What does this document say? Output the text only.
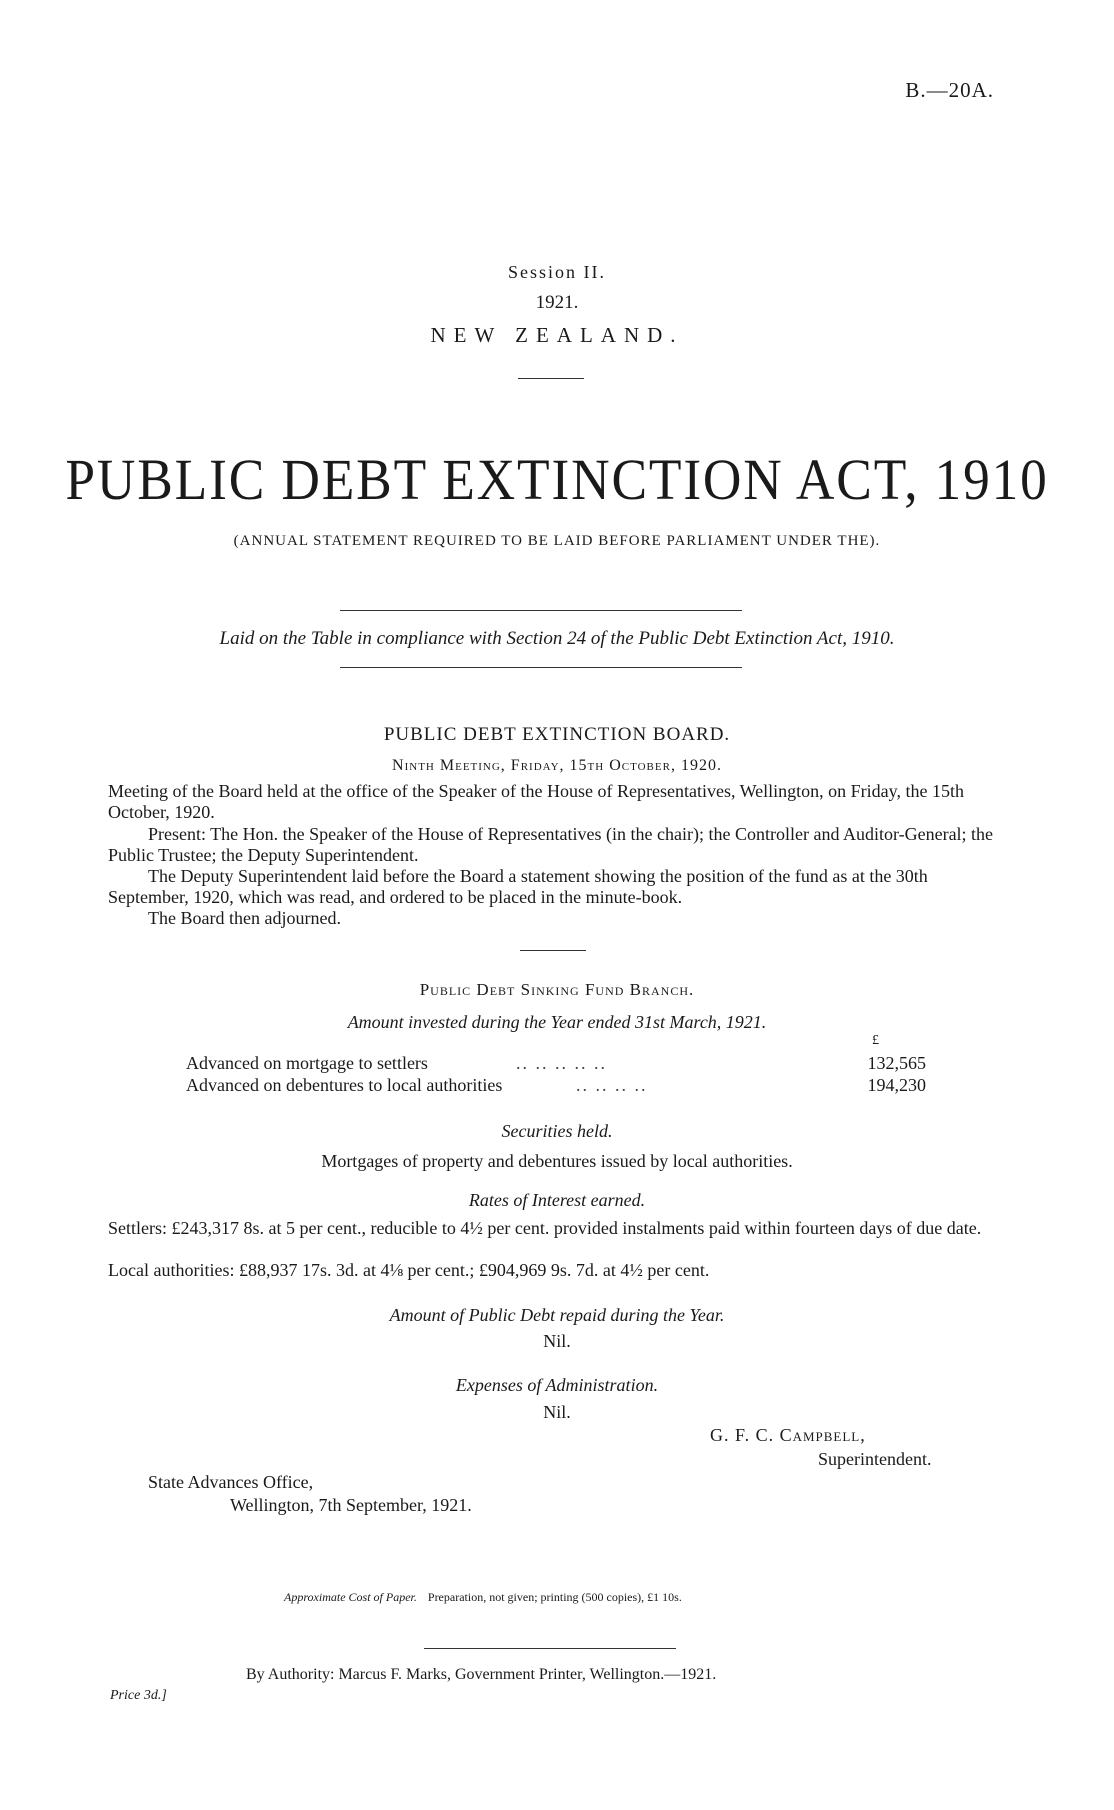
B.—20A.
Session II.
1921.
NEW ZEALAND.
PUBLIC DEBT EXTINCTION ACT, 1910
(ANNUAL STATEMENT REQUIRED TO BE LAID BEFORE PARLIAMENT UNDER THE).
Laid on the Table in compliance with Section 24 of the Public Debt Extinction Act, 1910.
PUBLIC DEBT EXTINCTION BOARD.
Ninth Meeting, Friday, 15th October, 1920.
Meeting of the Board held at the office of the Speaker of the House of Representatives, Wellington, on Friday, the 15th October, 1920.
Present: The Hon. the Speaker of the House of Representatives (in the chair); the Controller and Auditor-General; the Public Trustee; the Deputy Superintendent.
The Deputy Superintendent laid before the Board a statement showing the position of the fund as at the 30th September, 1920, which was read, and ordered to be placed in the minute-book.
The Board then adjourned.
Public Debt Sinking Fund Branch.
Amount invested during the Year ended 31st March, 1921.
£
Advanced on mortgage to settlers	.. .. .. .. ..	132,565
Advanced on debentures to local authorities	.. .. .. ..	194,230
Securities held.
Mortgages of property and debentures issued by local authorities.
Rates of Interest earned.
Settlers: £243,317 8s. at 5 per cent., reducible to 4½ per cent. provided instalments paid within fourteen days of due date.
Local authorities: £88,937 17s. 3d. at 4⅛ per cent.; £904,969 9s. 7d. at 4½ per cent.
Amount of Public Debt repaid during the Year.
Nil.
Expenses of Administration.
Nil.
G. F. C. Campbell,
Superintendent.
State Advances Office,
Wellington, 7th September, 1921.
Approximate Cost of Paper. Preparation, not given; printing (500 copies), £1 10s.
By Authority: Marcus F. Marks, Government Printer, Wellington.—1921.
Price 3d.]
